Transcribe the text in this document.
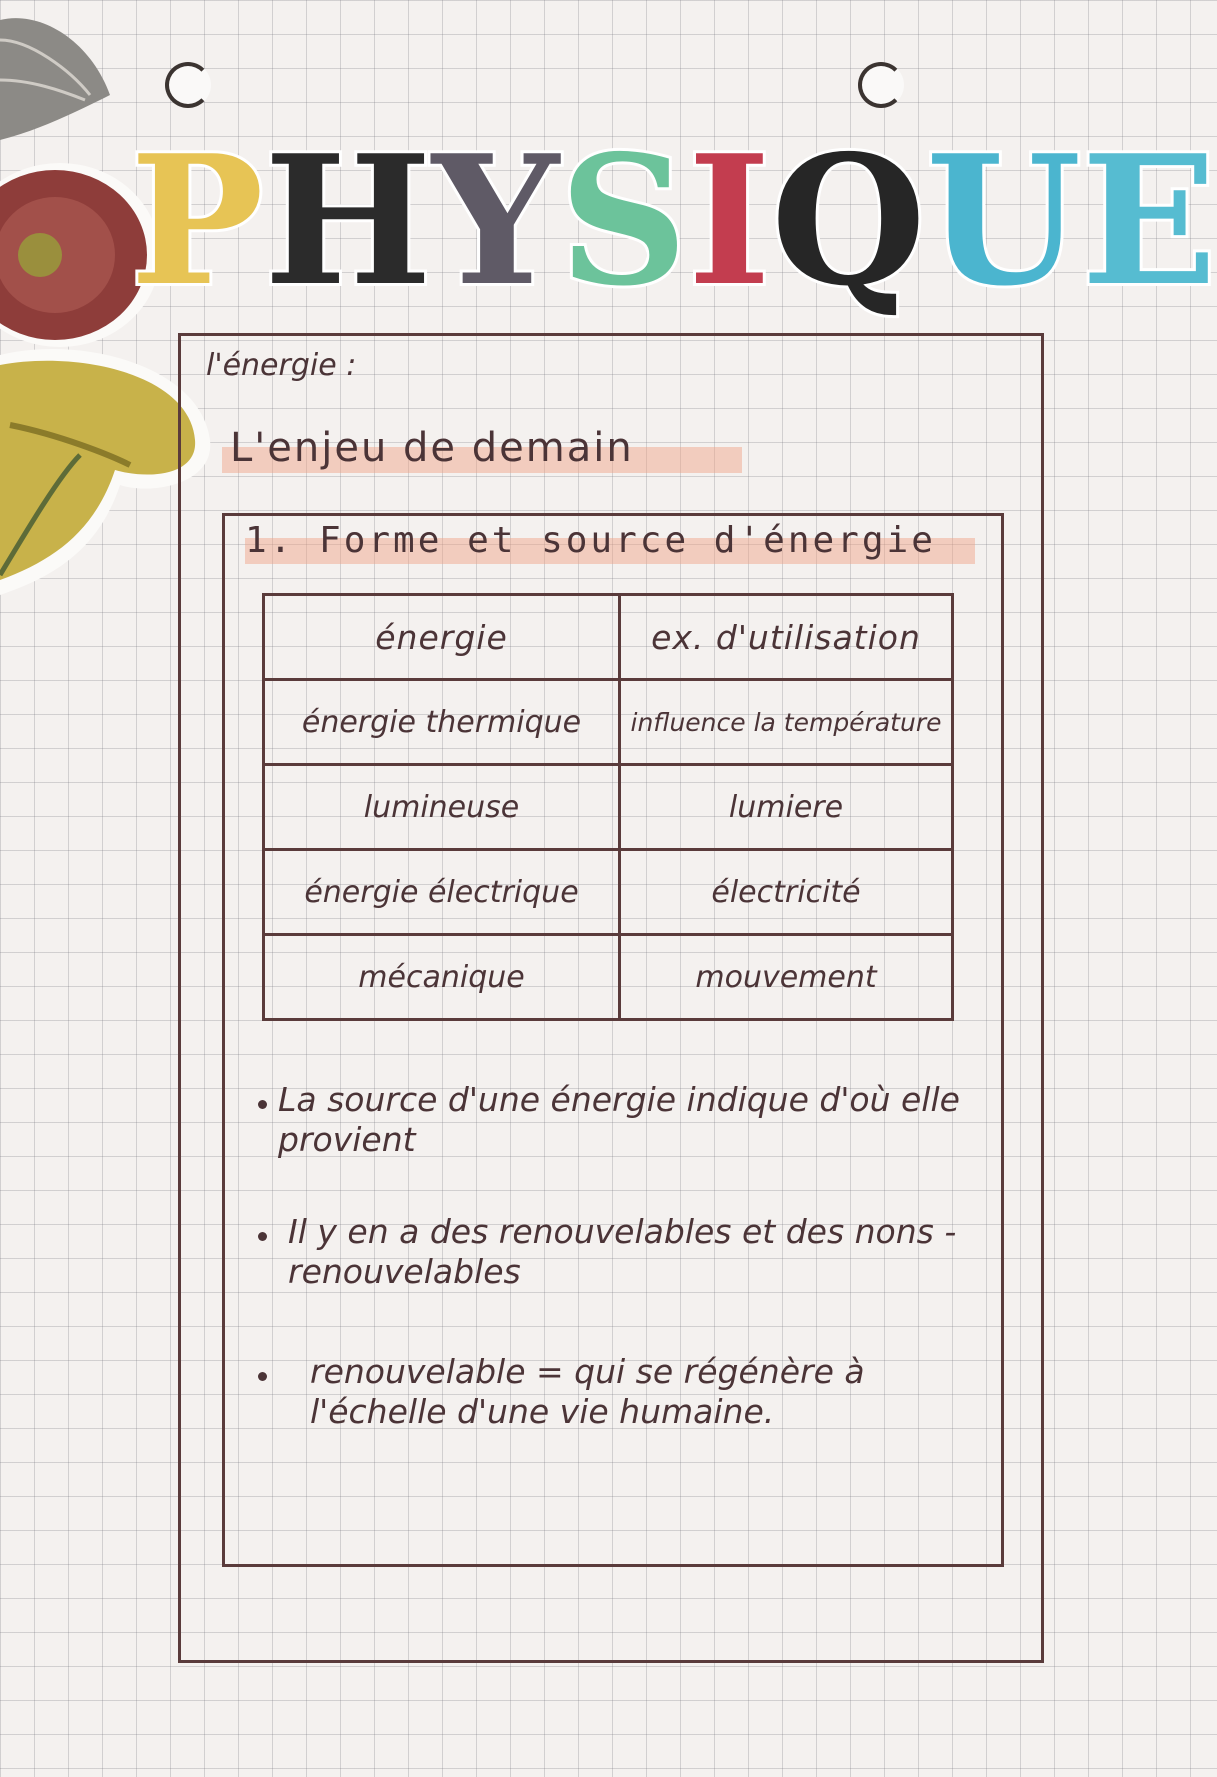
P H Y S I Q U E
l'énergie :
L'enjeu de demain
1. Forme et source d'énergie
énergie	ex. d'utilisation
énergie thermique	influence la température
lumineuse	lumiere
énergie électrique	électricité
mécanique	mouvement
La source d'une énergie indique d'où elle provient
Il y en a des renouvelables et des nons - renouvelables
renouvelable = qui se régénère à l'échelle d'une vie humaine.
